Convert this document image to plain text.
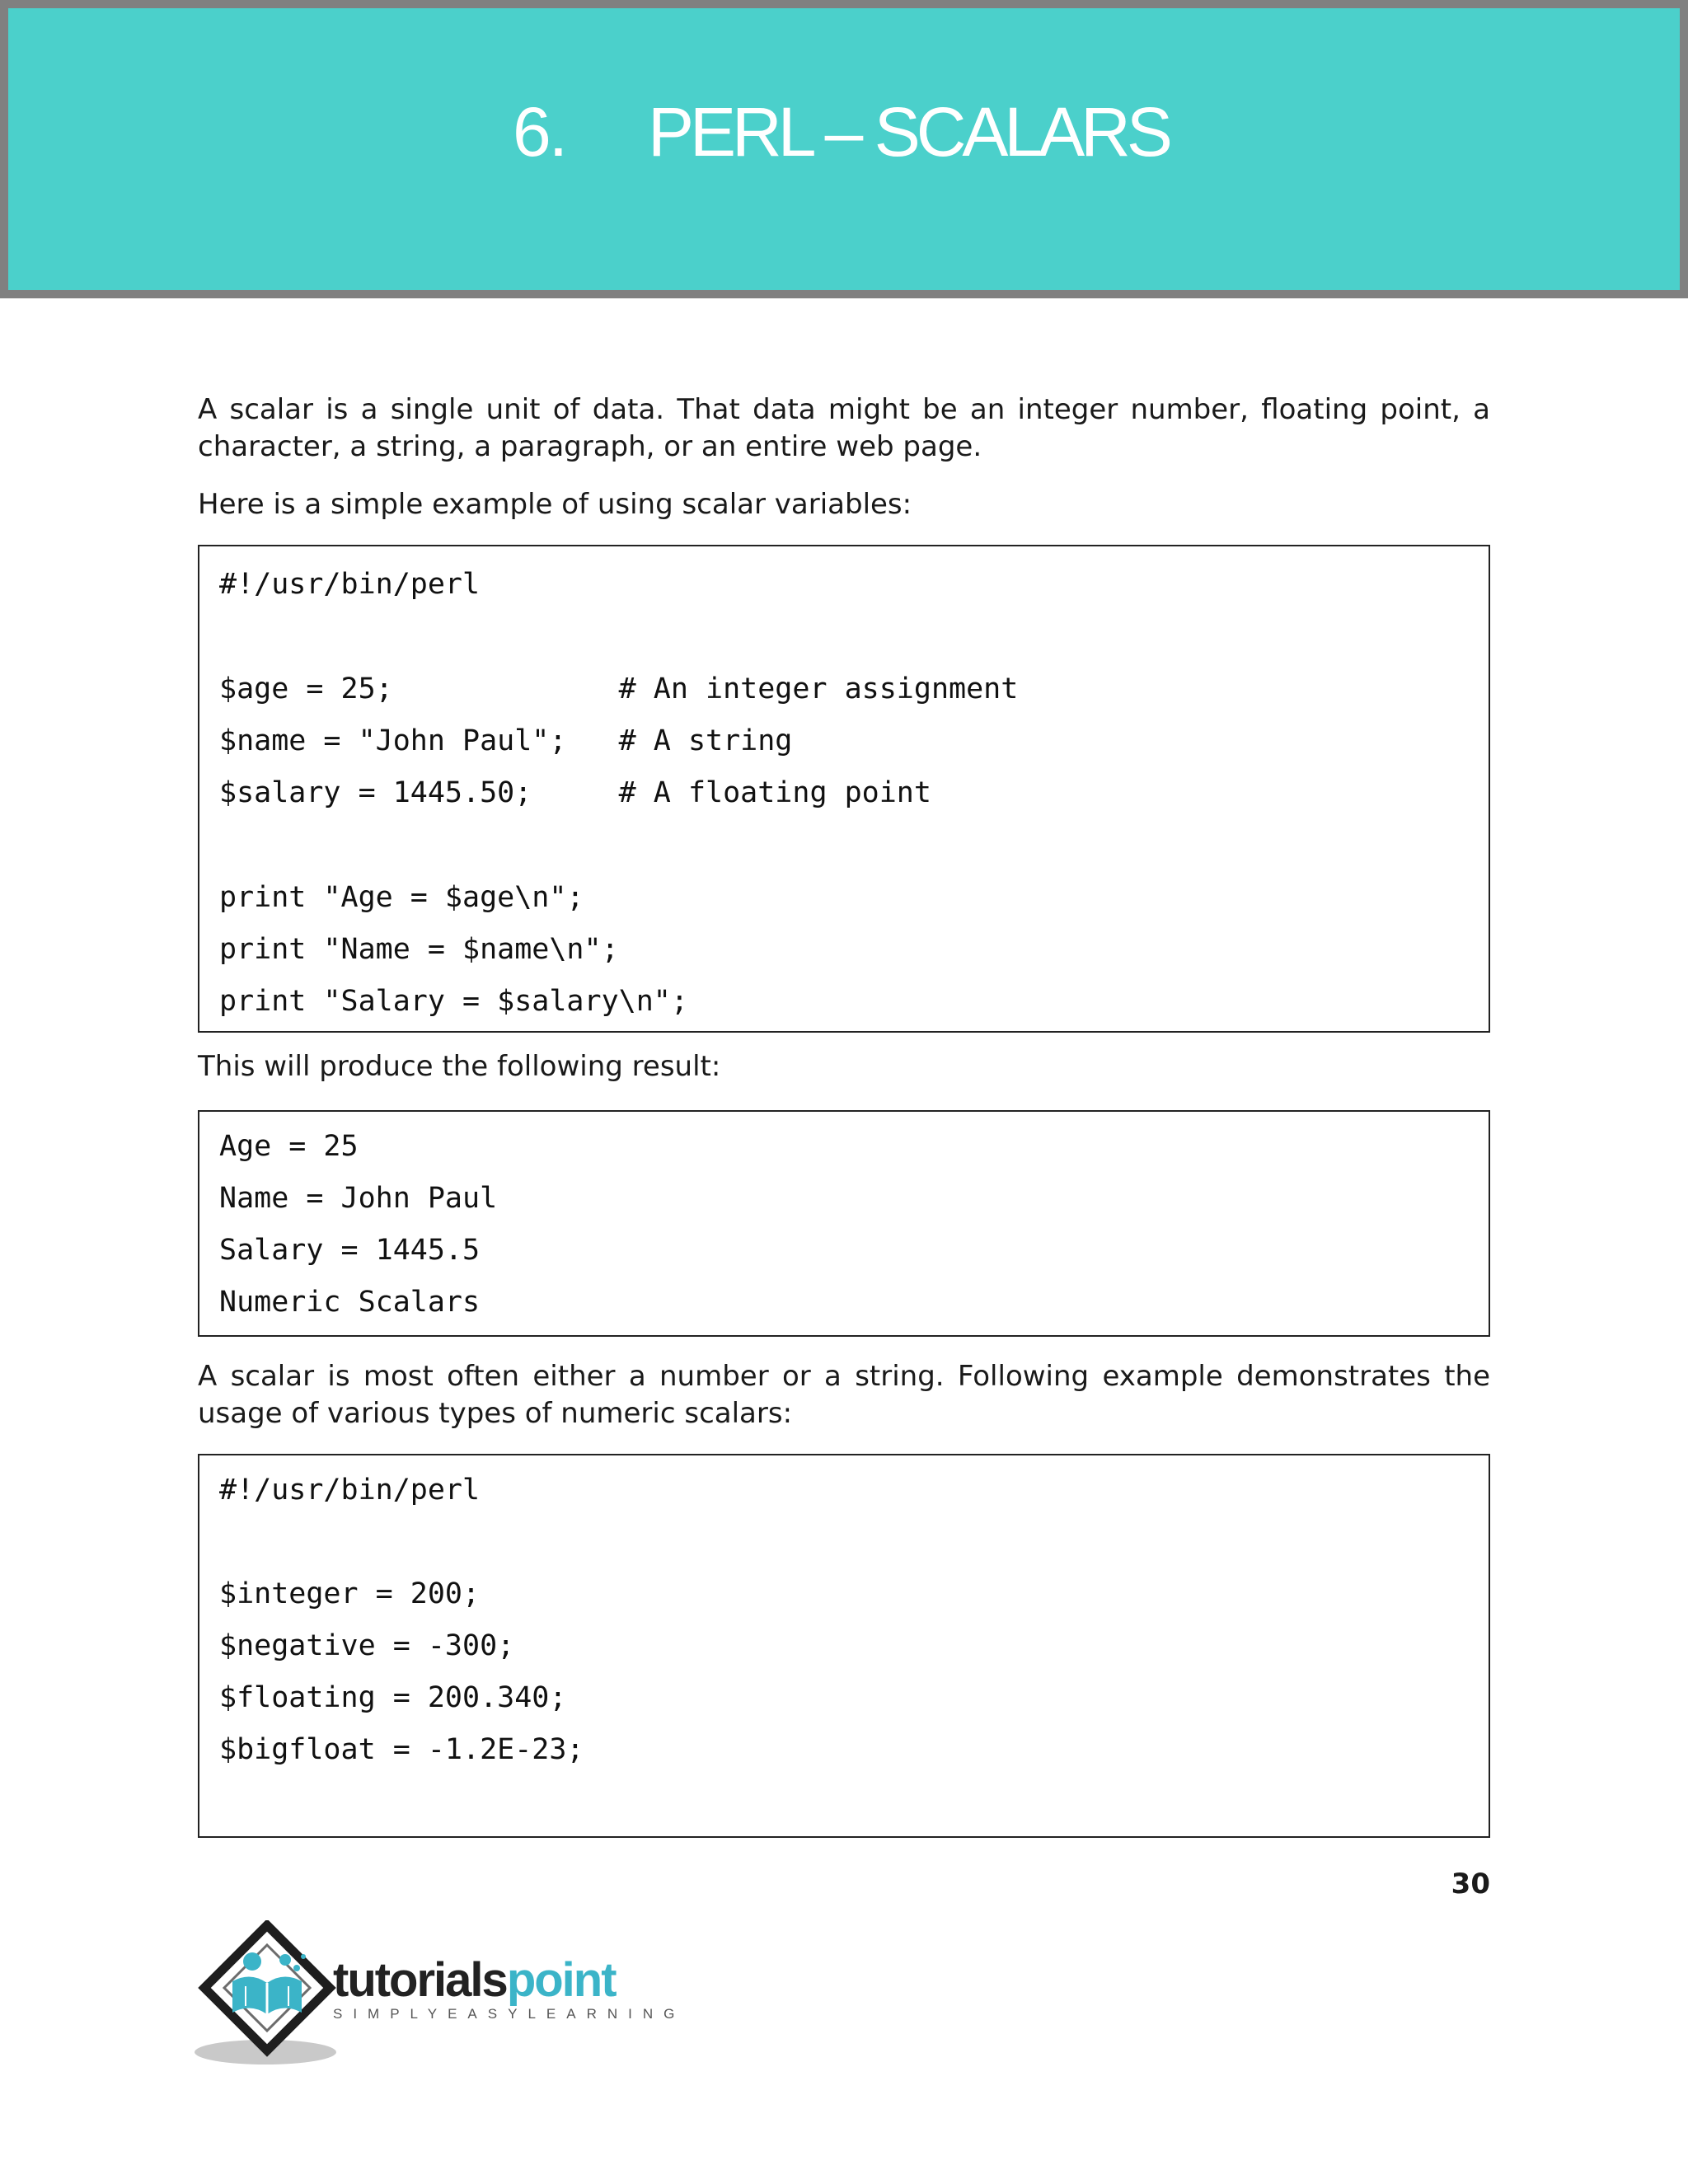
6. PERL – SCALARS

A scalar is a single unit of data. That data might be an integer number, floating point, a character, a string, a paragraph, or an entire web page.

Here is a simple example of using scalar variables:

#!/usr/bin/perl
$age = 25;             # An integer assignment
$name = "John Paul";   # A string
$salary = 1445.50;     # A floating point
print "Age = $age\n";
print "Name = $name\n";
print "Salary = $salary\n";

This will produce the following result:

Age = 25
Name = John Paul
Salary = 1445.5
Numeric Scalars

A scalar is most often either a number or a string. Following example demonstrates the usage of various types of numeric scalars:

#!/usr/bin/perl
$integer = 200;
$negative = -300;
$floating = 200.340;
$bigfloat = -1.2E-23;
30
tutorialspoint
SIMPLYEASYLEARNING
